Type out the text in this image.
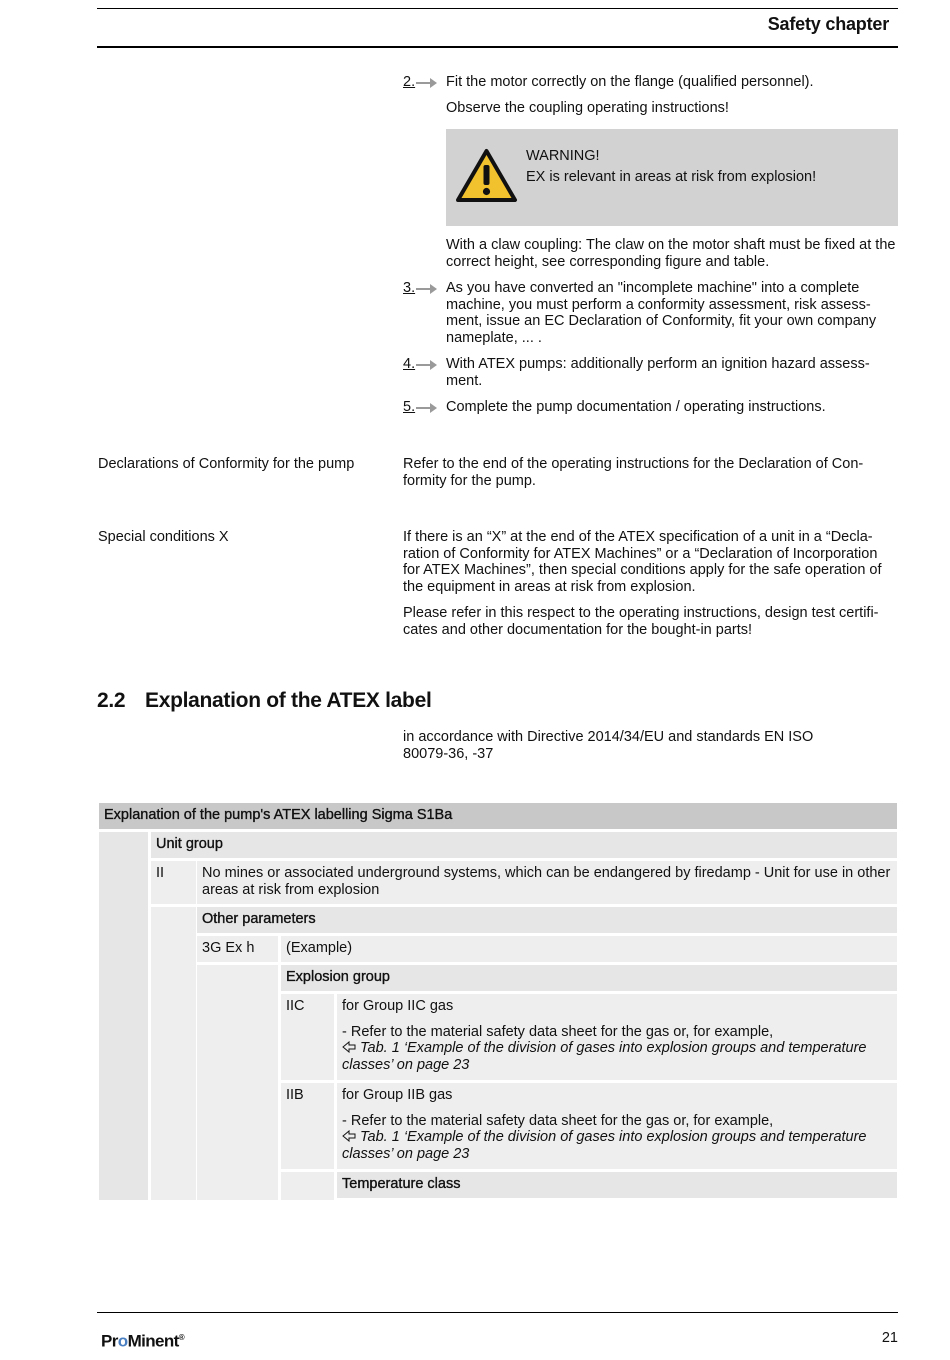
Safety chapter
2. Fit the motor correctly on the flange (qualified personnel).
Observe the coupling operating instructions!
WARNING!
EX is relevant in areas at risk from explosion!
With a claw coupling: The claw on the motor shaft must be fixed at the correct height, see corresponding figure and table.
3. As you have converted an "incomplete machine" into a complete machine, you must perform a conformity assessment, risk assess- ment, issue an EC Declaration of Conformity, fit your own company nameplate, ... .
4. With ATEX pumps: additionally perform an ignition hazard assess- ment.
5. Complete the pump documentation / operating instructions.
Declarations of Conformity for the pump	Refer to the end of the operating instructions for the Declaration of Con- formity for the pump.
Special conditions X	If there is an “X” at the end of the ATEX specification of a unit in a “Decla- ration of Conformity for ATEX Machines” or a “Declaration of Incorporation for ATEX Machines”, then special conditions apply for the safe operation of the equipment in areas at risk from explosion.
Please refer in this respect to the operating instructions, design test certifi- cates and other documentation for the bought-in parts!
2.2 Explanation of the ATEX label
in accordance with Directive 2014/34/EU and standards EN ISO 80079-36, -37
Explanation of the pump's ATEX labelling Sigma S1Ba
Unit group
II	No mines or associated underground systems, which can be endangered by firedamp - Unit for use in other areas at risk from explosion
Other parameters
3G Ex h	(Example)
Explosion group
IIC	for Group IIC gas
- Refer to the material safety data sheet for the gas or, for example,
Tab. 1 ‘Example of the division of gases into explosion groups and temperature classes’ on page 23
IIB	for Group IIB gas
- Refer to the material safety data sheet for the gas or, for example,
Tab. 1 ‘Example of the division of gases into explosion groups and temperature classes’ on page 23
Temperature class
ProMinent®	21
